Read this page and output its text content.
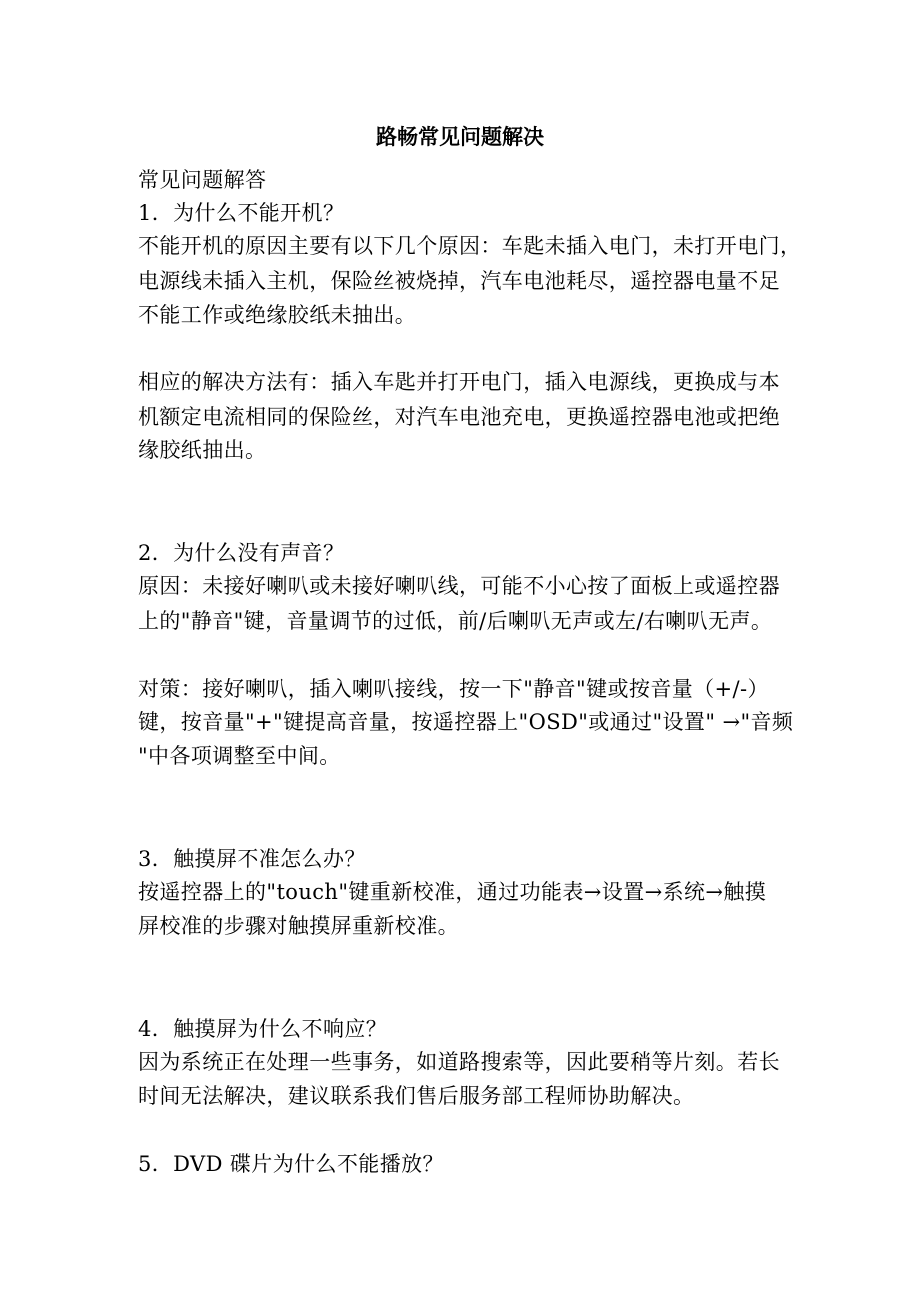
路畅常见问题解决
常见问题解答
1．为什么不能开机？
不能开机的原因主要有以下几个原因：车匙未插入电门，未打开电门，
电源线未插入主机，保险丝被烧掉，汽车电池耗尽，遥控器电量不足
不能工作或绝缘胶纸未抽出。
相应的解决方法有：插入车匙并打开电门，插入电源线，更换成与本
机额定电流相同的保险丝，对汽车电池充电，更换遥控器电池或把绝
缘胶纸抽出。
2．为什么没有声音？
原因：未接好喇叭或未接好喇叭线，可能不小心按了面板上或遥控器
上的"静音"键，音量调节的过低，前/后喇叭无声或左/右喇叭无声。
对策：接好喇叭，插入喇叭接线，按一下"静音"键或按音量（+/-）
键，按音量"+"键提高音量，按遥控器上"OSD"或通过"设置" →"音频
"中各项调整至中间。
3．触摸屏不准怎么办？
按遥控器上的"touch"键重新校准，通过功能表→设置→系统→触摸
屏校准的步骤对触摸屏重新校准。
4．触摸屏为什么不响应？
因为系统正在处理一些事务，如道路搜索等，因此要稍等片刻。若长
时间无法解决，建议联系我们售后服务部工程师协助解决。
5．DVD 碟片为什么不能播放？
